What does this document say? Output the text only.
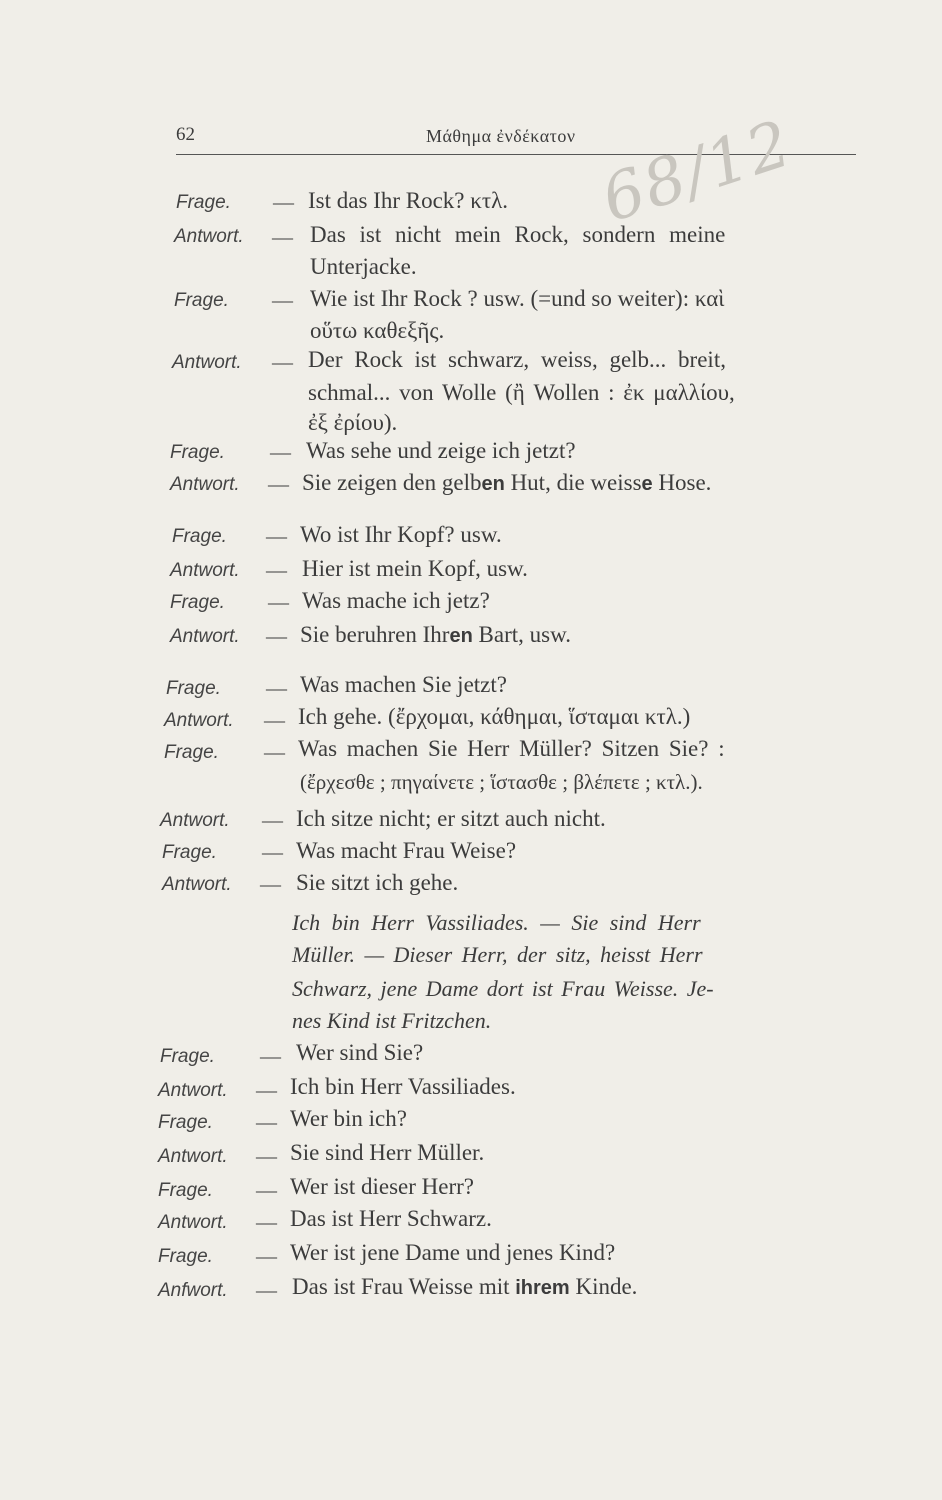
62	Μάθημα ἐνδέκατον 68/12
Frage. — Ist das Ihr Rock? κτλ.
Antwort. — Das ist nicht mein Rock, sondern meine
Unterjacke.
Frage. — Wie ist Ihr Rock ? usw. (=und so weiter): καὶ
οὕτω καθεξῆς.
Antwort. — Der Rock ist schwarz, weiss, gelb... breit,
schmal... von Wolle (ἢ Wollen : ἐκ μαλλίου,
ἐξ ἐρίου).
Frage. — Was sehe und zeige ich jetzt?
Antwort. — Sie zeigen den gelben Hut, die weisse Hose.
Frage. — Wo ist Ihr Kopf? usw.
Antwort. — Hier ist mein Kopf, usw.
Frage. — Was mache ich jetz?
Antwort. — Sie beruhren Ihren Bart, usw.
Frage. — Was machen Sie jetzt?
Antwort. — Ich gehe. (ἔρχομαι, κάθημαι, ἵσταμαι κτλ.)
Frage. — Was machen Sie Herr Müller? Sitzen Sie? :
(ἔρχεσθε ; πηγαίνετε ; ἵστασθε ; βλέπετε ; κτλ.).
Antwort. — Ich sitze nicht; er sitzt auch nicht.
Frage. — Was macht Frau Weise?
Antwort. — Sie sitzt ich gehe.
Ich bin Herr Vassiliades. — Sie sind Herr
Müller. — Dieser Herr, der sitz, heisst Herr
Schwarz, jene Dame dort ist Frau Weisse. Je-
nes Kind ist Fritzchen.
Frage. — Wer sind Sie?
Antwort. — Ich bin Herr Vassiliades.
Frage. — Wer bin ich?
Antwort. — Sie sind Herr Müller.
Frage. — Wer ist dieser Herr?
Antwort. — Das ist Herr Schwarz.
Frage. — Wer ist jene Dame und jenes Kind?
Anfwort. — Das ist Frau Weisse mit ihrem Kinde.
